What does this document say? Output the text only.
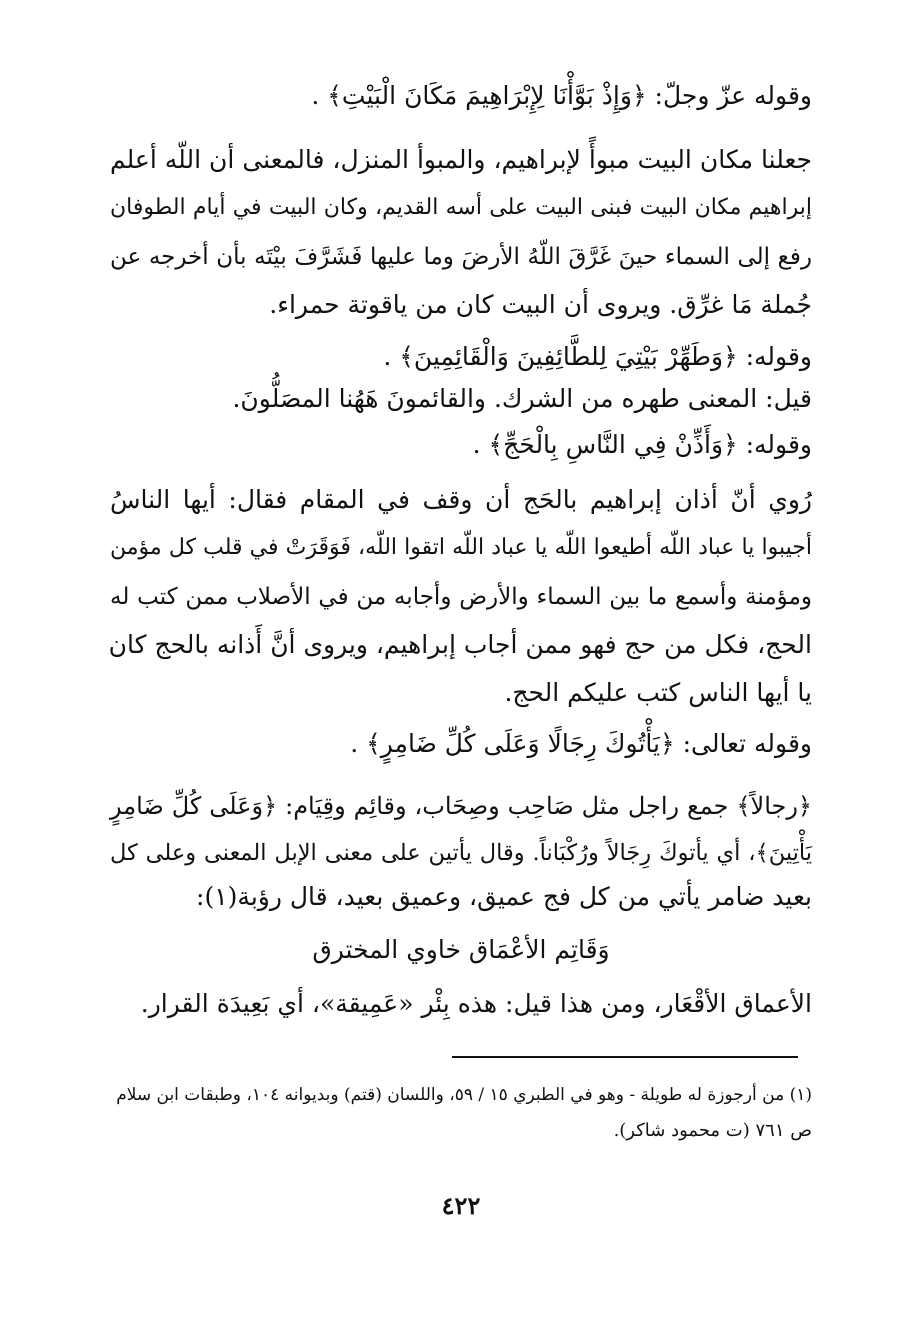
وقوله عزّ وجلّ: ﴿وَإِذْ بَوَّأْنَا لِإِبْرَاهِيمَ مَكَانَ الْبَيْتِ﴾ .
جعلنا مكان البيت مبوأً لإبراهيم، والمبوأ المنزل، فالمعنى أن اللّه أعلم
إبراهيم مكان البيت فبنى البيت على أسه القديم، وكان البيت في أيام الطوفان
رفع إلى السماء حينَ غَرَّقَ اللّهُ الأرضَ وما عليها فَشَرَّفَ بيْتَه بأن أخرجه عن
جُملة مَا غرِّق. ويروى أن البيت كان من ياقوتة حمراء.
وقوله: ﴿وَطَهِّرْ بَيْتِيَ لِلطَّائِفِينَ وَالْقَائِمِينَ﴾ .
قيل: المعنى طهره من الشرك. والقائمونَ هَهُنا المصَلُّونَ.
وقوله: ﴿وَأَذِّنْ فِي النَّاسِ بِالْحَجِّ﴾ .
رُوي أنّ أذان إبراهيم بالحَج أن وقف في المقام فقال: أيها الناسُ
أجيبوا يا عباد اللّه أطيعوا اللّه يا عباد اللّه اتقوا اللّه، فَوَقَرَتْ في قلب كل مؤمن
ومؤمنة وأسمع ما بين السماء والأرض وأجابه من في الأصلاب ممن كتب له
الحج، فكل من حج فهو ممن أجاب إبراهيم، ويروى أنَّ أَذانه بالحج كان
يا أيها الناس كتب عليكم الحج.
وقوله تعالى: ﴿يَأْتُوكَ رِجَالًا وَعَلَى كُلِّ ضَامِرٍ﴾ .
﴿رجالاً﴾ جمع راجل مثل صَاحِب وصِحَاب، وقائِم وقِيَام: ﴿وَعَلَى كُلِّ ضَامِرٍ
يَأْتِينَ﴾، أي يأتوكَ رِجَالاً ورُكْبَاناً. وقال يأتين على معنى الإبل المعنى وعلى كل
بعيد ضامر يأتي من كل فج عميق، وعميق بعيد، قال رؤبة(١):
وَقَاتِم الأعْمَاق خاوي المخترق
الأعماق الأقْعَار، ومن هذا قيل: هذه بِئْر «عَمِيقة»، أي بَعِيدَة القرار.
(١) من أرجوزة له طويلة - وهو في الطبري ١٥ / ٥٩، واللسان (قتم) وبديوانه ١٠٤، وطبقات ابن سلام
ص ٧٦١ (ت محمود شاكر).
٤٢٢
